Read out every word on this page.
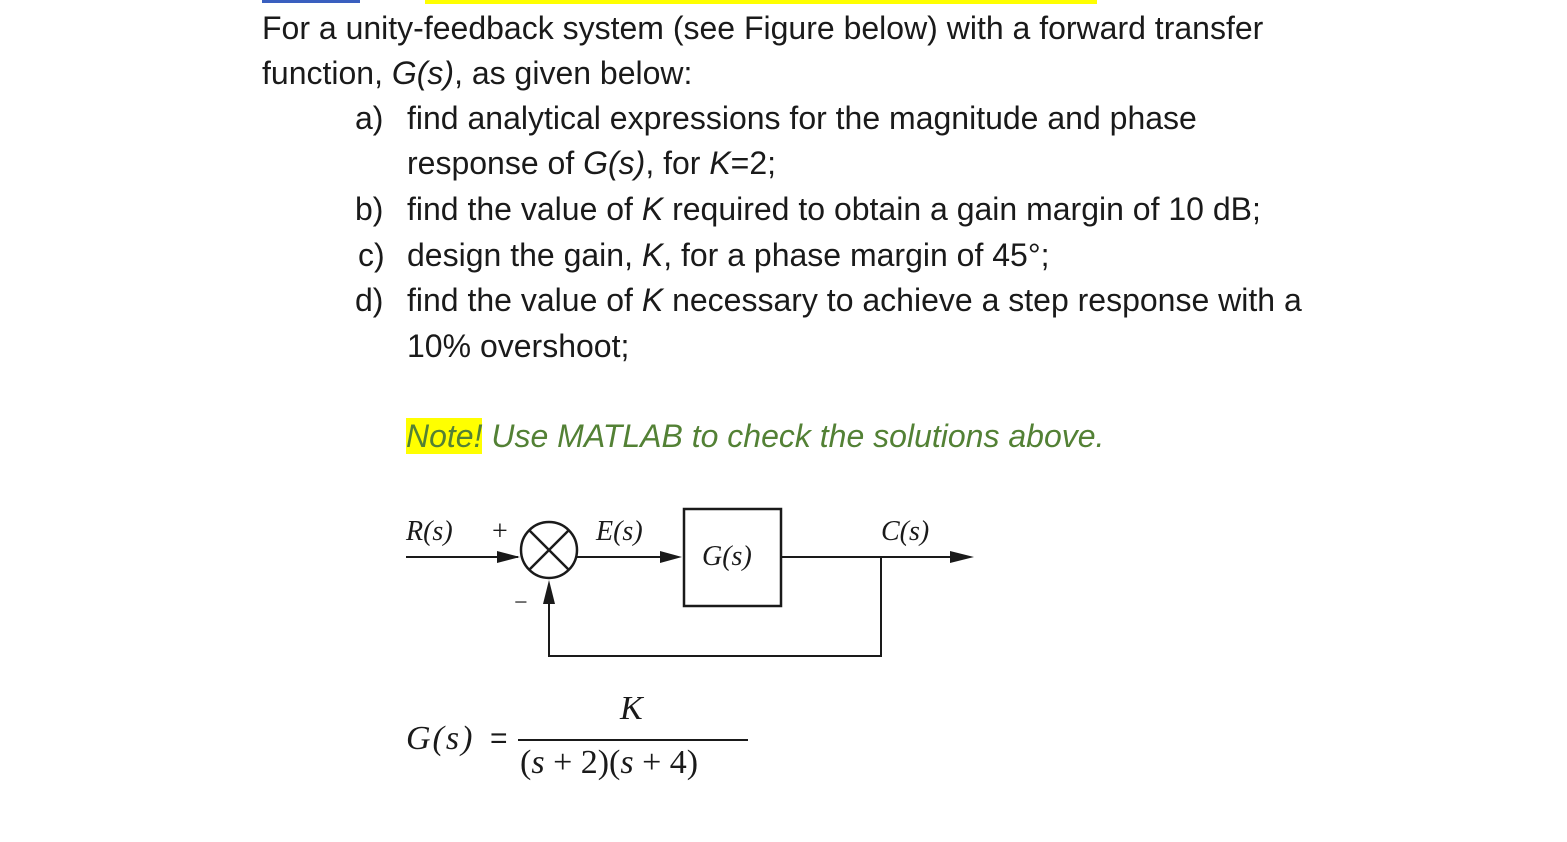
For a unity-feedback system (see Figure below) with a forward transfer
function, G(s), as given below:
a) find analytical expressions for the magnitude and phase
response of G(s), for K=2;
b) find the value of K required to obtain a gain margin of 10 dB;
c) design the gain, K, for a phase margin of 45°;
d) find the value of K necessary to achieve a step response with a
10% overshoot;
Note! Use MATLAB to check the solutions above.
R(s) +
−
E(s)
G(s)
C(s)
G(s) =
K
(s + 2)(s + 4)
